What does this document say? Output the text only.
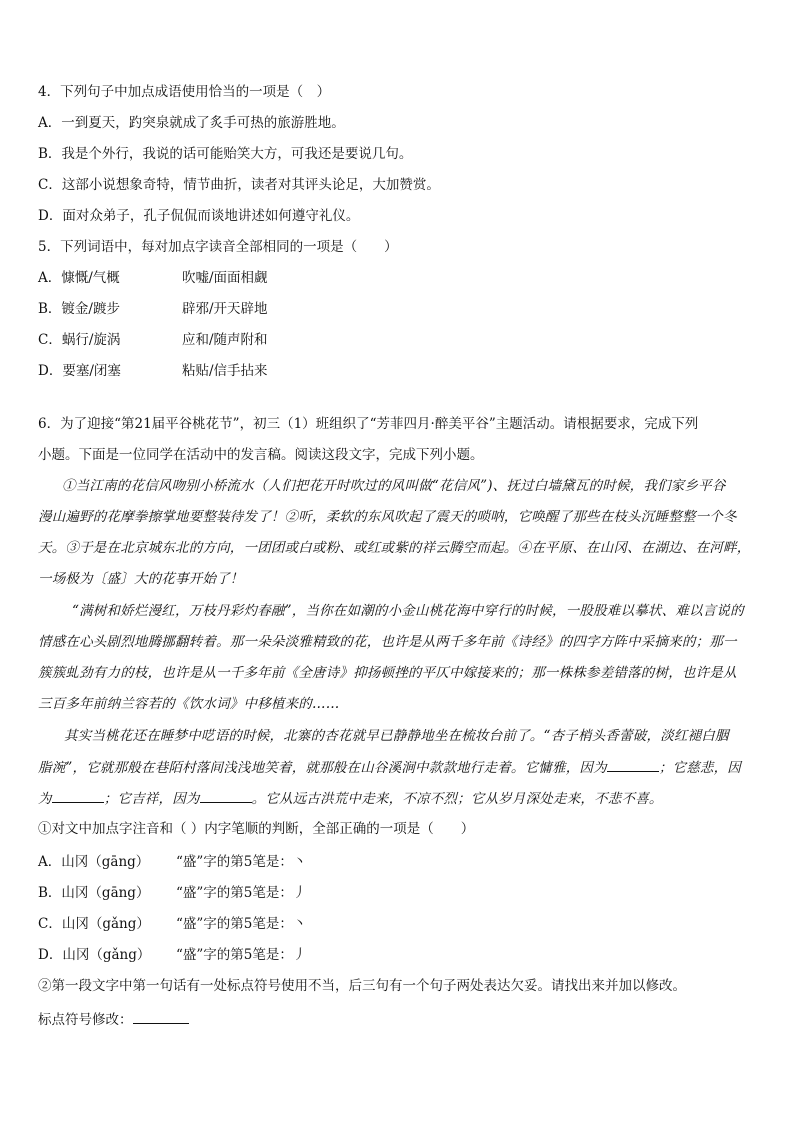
4．下列句子中加点成语使用恰当的一项是（　）
A．一到夏天，趵突泉就成了炙手可热的旅游胜地。
B．我是个外行，我说的话可能贻笑大方，可我还是要说几句。
C．这部小说想象奇特，情节曲折，读者对其评头论足，大加赞赏。
D．面对众弟子，孔子侃侃而谈地讲述如何遵守礼仪。
5．下列词语中，每对加点字读音全部相同的一项是（　　）
A．慷慨/气概	吹嘘/面面相觑
B．镀金/踱步	辟邪/开天辟地
C．蜗行/旋涡	应和/随声附和
D．要塞/闭塞	粘贴/信手拈来
6．为了迎接“第21届平谷桃花节”，初三（1）班组织了“芳菲四月·醉美平谷”主题活动。请根据要求，完成下列
小题。下面是一位同学在活动中的发言稿。阅读这段文字，完成下列小题。
①当江南的花信风吻别小桥流水（人们把花开时吹过的风叫做“花信风”)、抚过白墙黛瓦的时候，我们家乡平谷
漫山遍野的花摩拳擦掌地要整装待发了！②听，柔软的东风吹起了震天的唢呐，它唤醒了那些在枝头沉睡整整一个冬
天。③于是在北京城东北的方向，一团团或白或粉、或红或紫的祥云腾空而起。④在平原、在山冈、在湖边、在河畔，
一场极为〔盛〕大的花事开始了！
“满树和娇烂漫红，万枝丹彩灼春融”，当你在如潮的小金山桃花海中穿行的时候，一股股难以摹状、难以言说的
情感在心头剧烈地腾挪翻转着。那一朵朵淡雅精致的花，也许是从两千多年前《诗经》的四字方阵中采摘来的；那一
簇簇虬劲有力的枝，也许是从一千多年前《全唐诗》抑扬顿挫的平仄中嫁接来的；那一株株参差错落的树，也许是从
三百多年前纳兰容若的《饮水词》中移植来的……
其实当桃花还在睡梦中呓语的时候，北寨的杏花就早已静静地坐在梳妆台前了。“杏子梢头香蕾破，淡红褪白胭
脂涴”，它就那般在巷陌村落间浅浅地笑着，就那般在山谷溪涧中款款地行走着。它慵雅，因为	；它慈悲，因
为	；它吉祥，因为	。它从远古洪荒中走来，不凉不烈；它从岁月深处走来，不悲不喜。
①对文中加点字注音和（ ）内字笔顺的判断，全部正确的一项是（　　）
A．山冈（gāng） “盛”字的第5笔是：丶
B．山冈（gāng） “盛”字的第5笔是：丿
C．山冈（gǎng） “盛”字的第5笔是：丶
D．山冈（gǎng） “盛”字的第5笔是：丿
②第一段文字中第一句话有一处标点符号使用不当，后三句有一个句子两处表达欠妥。请找出来并加以修改。
标点符号修改：
